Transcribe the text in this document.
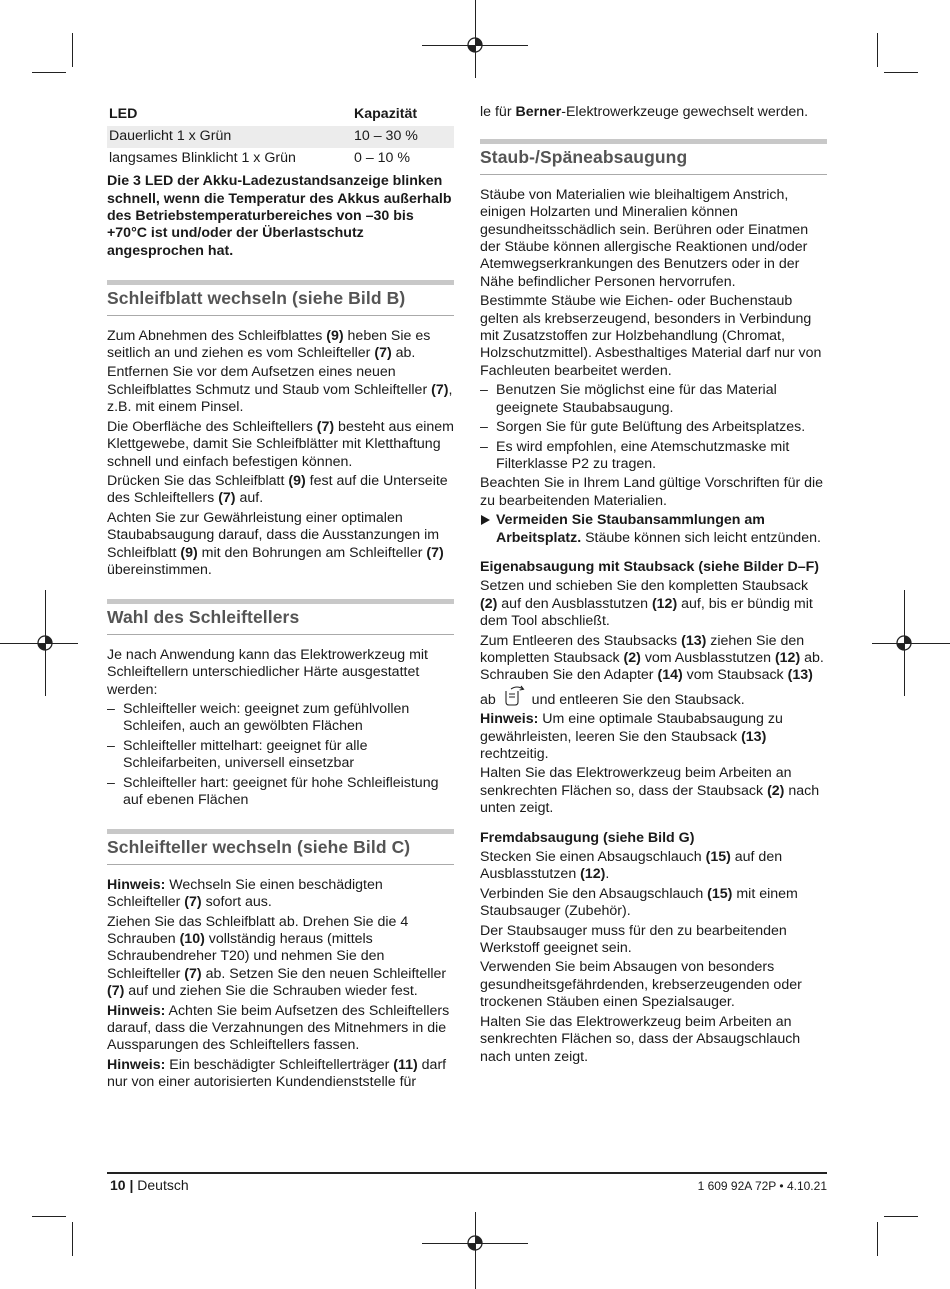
LED	Kapazität
Dauerlicht 1 x Grün	10 – 30 %
langsames Blinklicht 1 x Grün	0 – 10 %

Die 3 LED der Akku-Ladezustandsanzeige blinken schnell, wenn die Temperatur des Akkus außerhalb des Betriebstemperaturbereiches von –30 bis +70°C ist und/oder der Überlastschutz angesprochen hat.

Schleifblatt wechseln (siehe Bild B)

Zum Abnehmen des Schleifblattes (9) heben Sie es seitlich an und ziehen es vom Schleifteller (7) ab.

Entfernen Sie vor dem Aufsetzen eines neuen Schleifblattes Schmutz und Staub vom Schleifteller (7), z.B. mit einem Pinsel.

Die Oberfläche des Schleiftellers (7) besteht aus einem Klettgewebe, damit Sie Schleifblätter mit Kletthaftung schnell und einfach befestigen können.

Drücken Sie das Schleifblatt (9) fest auf die Unterseite des Schleiftellers (7) auf.

Achten Sie zur Gewährleistung einer optimalen Staubabsaugung darauf, dass die Ausstanzungen im Schleifblatt (9) mit den Bohrungen am Schleifteller (7) übereinstimmen.

Wahl des Schleiftellers

Je nach Anwendung kann das Elektrowerkzeug mit Schleiftellern unterschiedlicher Härte ausgestattet werden:

– Schleifteller weich: geeignet zum gefühlvollen Schleifen, auch an gewölbten Flächen
– Schleifteller mittelhart: geeignet für alle Schleifarbeiten, universell einsetzbar
– Schleifteller hart: geeignet für hohe Schleifleistung auf ebenen Flächen
Schleifteller wechseln (siehe Bild C)

Hinweis: Wechseln Sie einen beschädigten Schleifteller (7) sofort aus.

Ziehen Sie das Schleifblatt ab. Drehen Sie die 4 Schrauben (10) vollständig heraus (mittels Schraubendreher T20) und nehmen Sie den Schleifteller (7) ab. Setzen Sie den neuen Schleifteller (7) auf und ziehen Sie die Schrauben wieder fest.

Hinweis: Achten Sie beim Aufsetzen des Schleiftellers darauf, dass die Verzahnungen des Mitnehmers in die Aussparungen des Schleiftellers fassen.

Hinweis: Ein beschädigter Schleiftellerträger (11) darf nur von einer autorisierten Kundendienststelle für

le für Berner-Elektrowerkzeuge gewechselt werden.

Staub-/Späneabsaugung

Stäube von Materialien wie bleihaltigem Anstrich, einigen Holzarten und Mineralien können gesundheitsschädlich sein. Berühren oder Einatmen der Stäube können allergische Reaktionen und/oder Atemwegserkrankungen des Benutzers oder in der Nähe befindlicher Personen hervorrufen.

Bestimmte Stäube wie Eichen- oder Buchenstaub gelten als krebserzeugend, besonders in Verbindung mit Zusatzstoffen zur Holzbehandlung (Chromat, Holzschutzmittel). Asbesthaltiges Material darf nur von Fachleuten bearbeitet werden.

– Benutzen Sie möglichst eine für das Material geeignete Staubabsaugung.
– Sorgen Sie für gute Belüftung des Arbeitsplatzes.
– Es wird empfohlen, eine Atemschutzmaske mit Filterklasse P2 zu tragen.

Beachten Sie in Ihrem Land gültige Vorschriften für die zu bearbeitenden Materialien.

Vermeiden Sie Staubansammlungen am Arbeitsplatz. Stäube können sich leicht entzünden.
Eigenabsaugung mit Staubsack (siehe Bilder D–F)

Setzen und schieben Sie den kompletten Staubsack (2) auf den Ausblasstutzen (12) auf, bis er bündig mit dem Tool abschließt.

Zum Entleeren des Staubsacks (13) ziehen Sie den kompletten Staubsack (2) vom Ausblasstutzen (12) ab. Schrauben Sie den Adapter (14) vom Staubsack (13) ab  und entleeren Sie den Staubsack.

Hinweis: Um eine optimale Staubabsaugung zu gewährleisten, leeren Sie den Staubsack (13) rechtzeitig.

Halten Sie das Elektrowerkzeug beim Arbeiten an senkrechten Flächen so, dass der Staubsack (2) nach unten zeigt.

Fremdabsaugung (siehe Bild G)

Stecken Sie einen Absaugschlauch (15) auf den Ausblasstutzen (12).

Verbinden Sie den Absaugschlauch (15) mit einem Staubsauger (Zubehör).

Der Staubsauger muss für den zu bearbeitenden Werkstoff geeignet sein.

Verwenden Sie beim Absaugen von besonders gesundheitsgefährdenden, krebserzeugenden oder trockenen Stäuben einen Spezialsauger.

Halten Sie das Elektrowerkzeug beim Arbeiten an senkrechten Flächen so, dass der Absaugschlauch nach unten zeigt.

10 | Deutsch	1 609 92A 72P • 4.10.21
